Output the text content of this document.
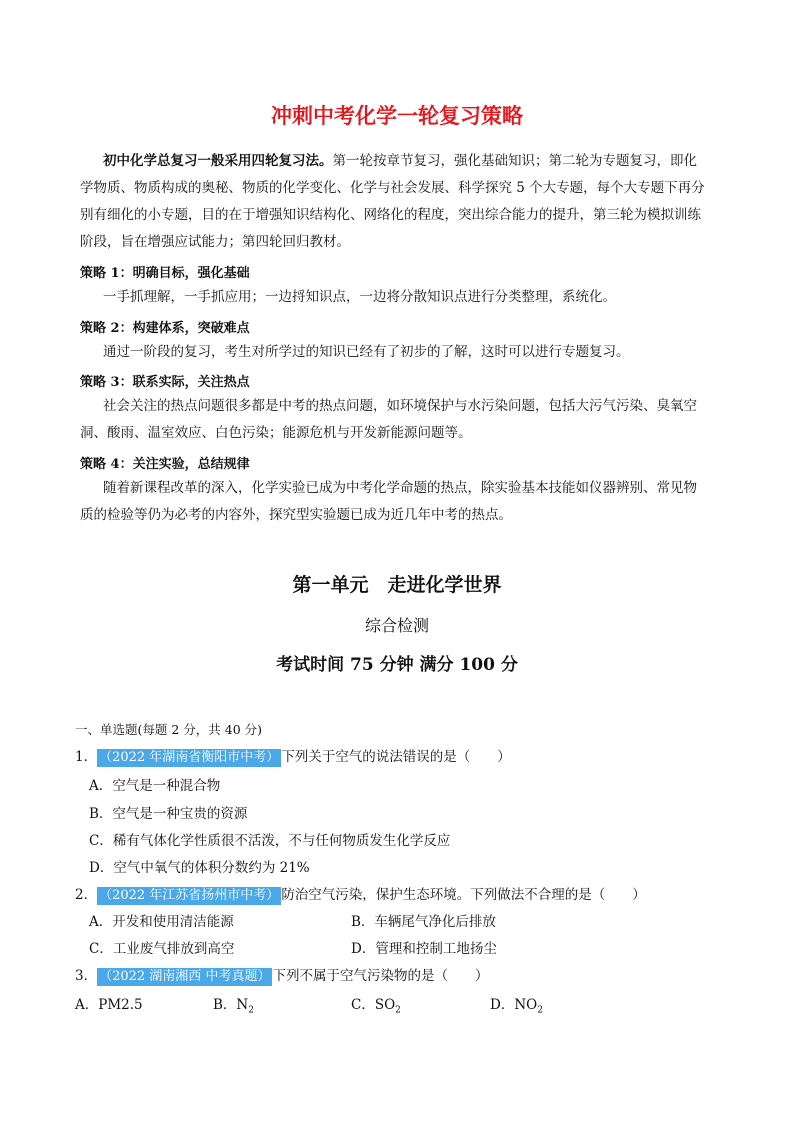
冲刺中考化学一轮复习策略
初中化学总复习一般采用四轮复习法。第一轮按章节复习，强化基础知识；第二轮为专题复习，即化
学物质、物质构成的奥秘、物质的化学变化、化学与社会发展、科学探究 5 个大专题，每个大专题下再分
别有细化的小专题，目的在于增强知识结构化、网络化的程度，突出综合能力的提升，第三轮为模拟训练
阶段，旨在增强应试能力；第四轮回归教材。
策略 1：明确目标，强化基础
一手抓理解，一手抓应用；一边捋知识点，一边将分散知识点进行分类整理，系统化。
策略 2：构建体系，突破难点
通过一阶段的复习，考生对所学过的知识已经有了初步的了解，这时可以进行专题复习。
策略 3：联系实际，关注热点
社会关注的热点问题很多都是中考的热点问题，如环境保护与水污染问题，包括大污气污染、臭氧空
洞、酸雨、温室效应、白色污染；能源危机与开发新能源问题等。
策略 4：关注实验，总结规律
随着新课程改革的深入，化学实验已成为中考化学命题的热点，除实验基本技能如仪器辨别、常见物
质的检验等仍为必考的内容外，探究型实验题已成为近几年中考的热点。
第一单元　走进化学世界
综合检测
考试时间 75 分钟 满分 100 分
一、单选题(每题 2 分，共 40 分)
1． （2022 年湖南省衡阳市中考） 下列关于空气的说法错误的是（　　）
A．空气是一种混合物
B．空气是一种宝贵的资源
C．稀有气体化学性质很不活泼，不与任何物质发生化学反应
D．空气中氧气的体积分数约为 21%
2． （2022 年江苏省扬州市中考） 防治空气污染，保护生态环境。下列做法不合理的是（　　）
A．开发和使用清洁能源	B．车辆尾气净化后排放
C．工业废气排放到高空	D．管理和控制工地扬尘
3． （2022 湖南湘西 中考真题） 下列不属于空气污染物的是（　　）
A．PM2.5	B．$N_2$	C．$SO_2$	D．$NO_2$
